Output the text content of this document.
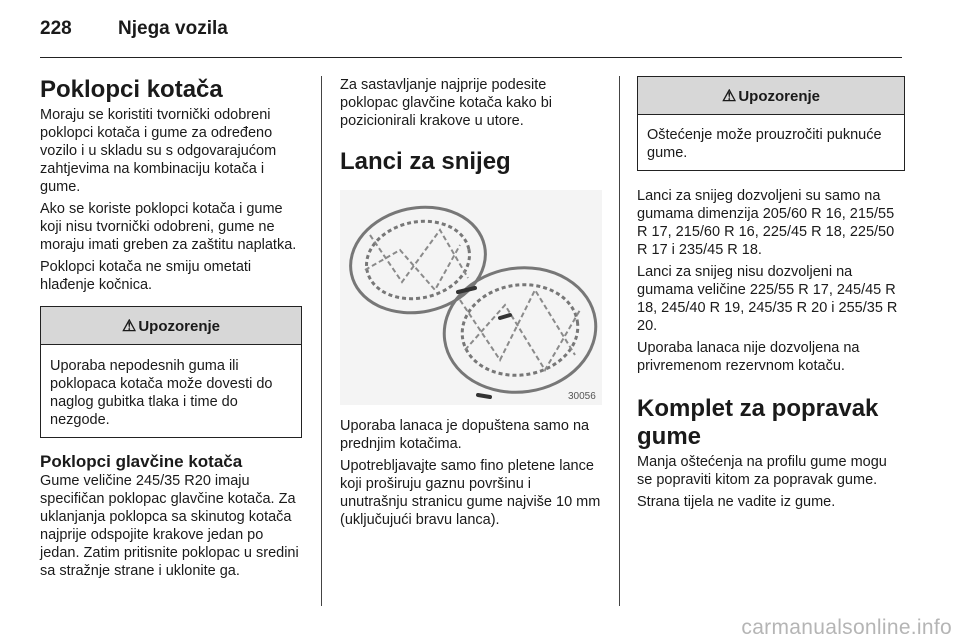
228 Njega vozila
Poklopci kotača

Moraju se koristiti tvornički odobreni poklopci kotača i gume za određeno vozilo i u skladu su s odgovarajućom zahtjevima na kombinaciju kotača i gume.

Ako se koriste poklopci kotača i gume koji nisu tvornički odobreni, gume ne moraju imati greben za zaštitu naplatka.

Poklopci kotača ne smiju ometati hlađenje kočnica.

⚠ Upozorenje

Uporaba nepodesnih guma ili poklopaca kotača može dovesti do naglog gubitka tlaka i time do nezgode.

Poklopci glavčine kotača

Gume veličine 245/35 R20 imaju specifičan poklopac glavčine kotača. Za uklanjanja poklopca sa skinutog kotača najprije odspojite krakove jedan po jedan. Zatim pritisnite poklopac u sredini sa stražnje strane i uklonite ga.

Za sastavljanje najprije podesite poklopac glavčine kotača kako bi pozicionirali krakove u utore.

Lanci za snijeg
30056

Uporaba lanaca je dopuštena samo na prednjim kotačima.

Upotrebljavajte samo fino pletene lance koji proširuju gaznu površinu i unutrašnju stranicu gume najviše 10 mm (uključujući bravu lanca).

⚠ Upozorenje

Oštećenje može prouzročiti puknuće gume.

Lanci za snijeg dozvoljeni su samo na gumama dimenzija 205/60 R 16, 215/55 R 17, 215/60 R 16, 225/45 R 18, 225/50 R 17 i 235/45 R 18.

Lanci za snijeg nisu dozvoljeni na gumama veličine 225/55 R 17, 245/45 R 18, 245/40 R 19, 245/35 R 20 i 255/35 R 20.

Uporaba lanaca nije dozvoljena na privremenom rezervnom kotaču.

Komplet za popravak gume

Manja oštećenja na profilu gume mogu se popraviti kitom za popravak gume.

Strana tijela ne vadite iz gume.

carmanualsonline.info
